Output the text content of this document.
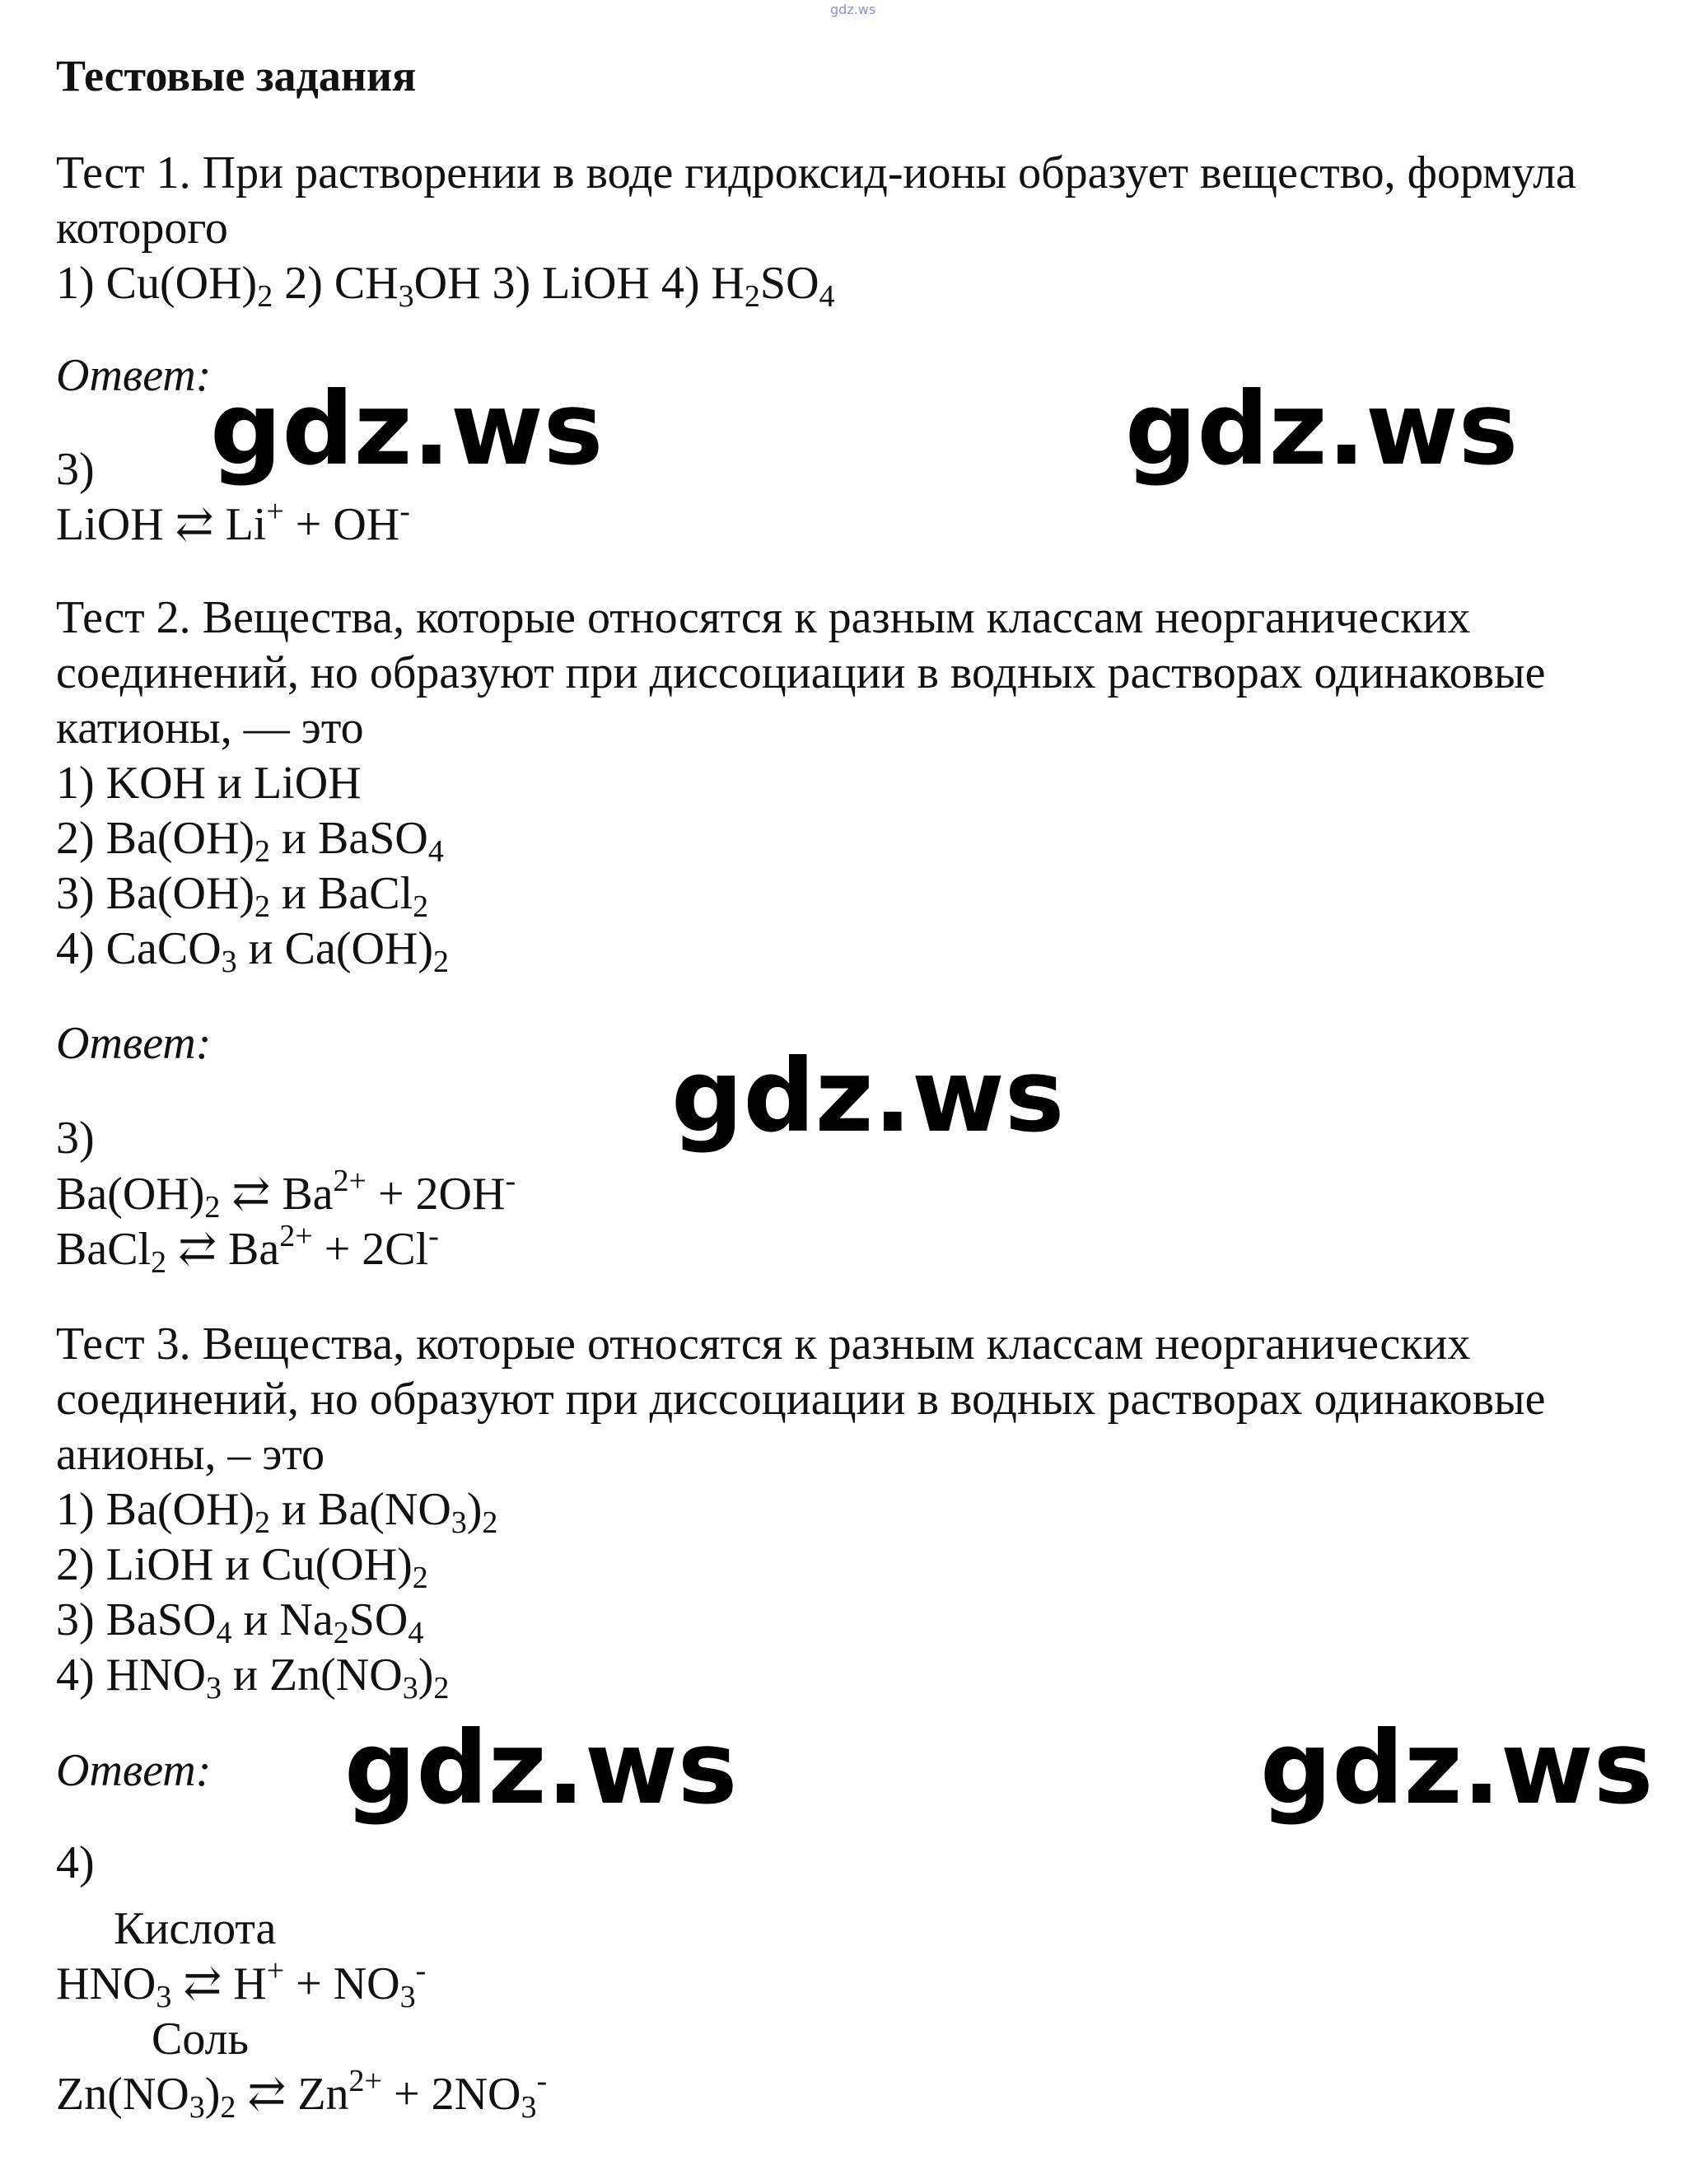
gdz.ws
Тестовые задания
Тест 1. При растворении в воде гидроксид-ионы образует вещество, формула
которого
1) $Cu(OH)_2$ 2) $CH_3OH$ 3) LiOH 4) $H_2SO_4$
Ответ:
3)
LiOH ⇄ Li+ + OH-
Тест 2. Вещества, которые относятся к разным классам неорганических
соединений, но образуют при диссоциации в водных растворах одинаковые
катионы, — это
1) KOH и LiOH
2) $Ba(OH)_2$ и BaSO$_4$
3) $Ba(OH)_2$ и BaCl$_2$
4) CaCO$_3$ и $Ca(OH)_2$
Ответ:
3)
$Ba(OH)_2$ ⇄ $Ba^{2+} + 2OH^-$
BaCl$_2$ ⇄ $Ba^{2+} + 2Cl^-$
Тест 3. Вещества, которые относятся к разным классам неорганических
соединений, но образуют при диссоциации в водных растворах одинаковые
анионы, – это
1) $Ba(OH)_2$ и $Ba(NO_3)_2$
2) LiOH и $Cu(OH)_2$
3) BaSO$_4$ и $Na_2SO_4$
4) $HNO_3$ и $Zn(NO_3)_2$
Ответ:
4)
Кислота
$HNO_3$ ⇄ $H^+ + NO_3^-$
Соль
$Zn(NO_3)_2$ ⇄ $Zn^{2+} + 2NO_3^-$
gdz.ws	gdz.ws
gdz.ws
gdz.ws	gdz.ws
